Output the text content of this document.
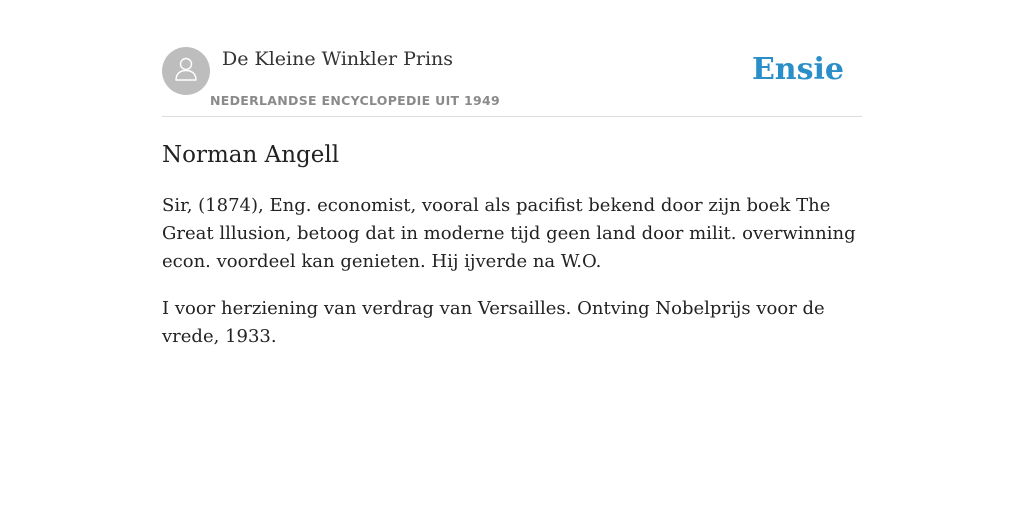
De Kleine Winkler Prins
NEDERLANDSE ENCYCLOPEDIE UIT 1949
Ensie
Norman Angell

Sir, (1874), Eng. economist, vooral als pacifist bekend door zijn boek The Great lllusion, betoog dat in moderne tijd geen land door milit. overwinning econ. voordeel kan genieten. Hij ijverde na W.O.

I voor herziening van verdrag van Versailles. Ontving Nobelprijs voor de vrede, 1933.
